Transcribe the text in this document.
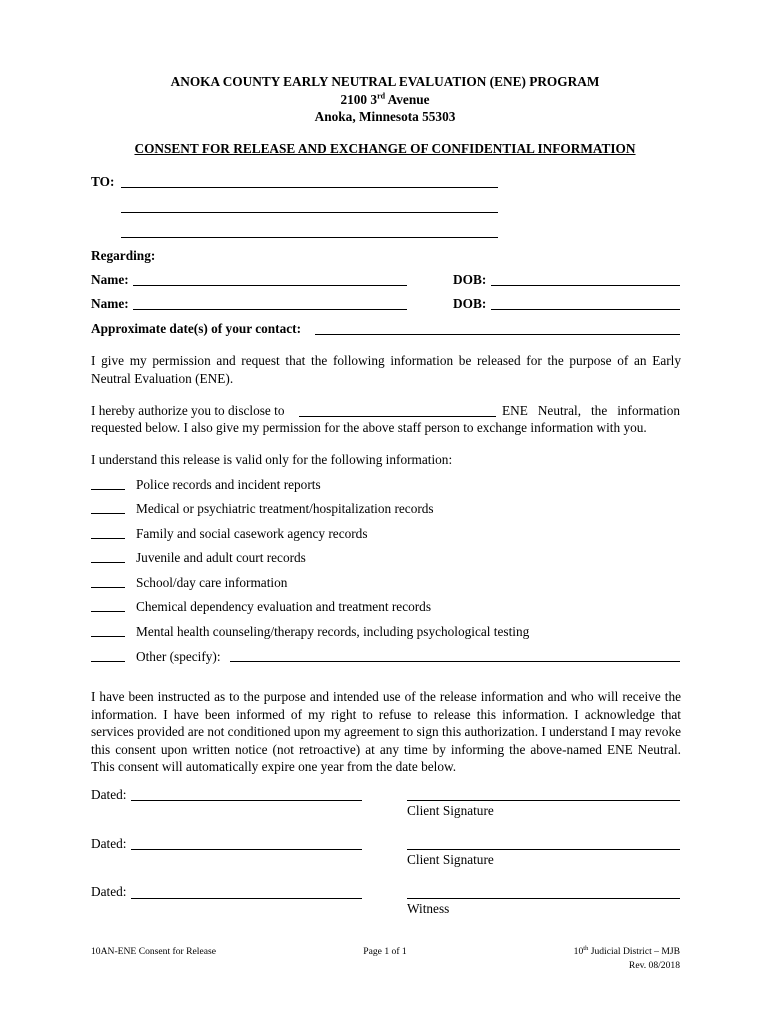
ANOKA COUNTY EARLY NEUTRAL EVALUATION (ENE) PROGRAM
2100 3rd Avenue
Anoka, Minnesota 55303
CONSENT FOR RELEASE AND EXCHANGE OF CONFIDENTIAL INFORMATION
TO:
Regarding:
Name:	DOB:
Name:	DOB:
Approximate date(s) of your contact:
I give my permission and request that the following information be released for the purpose of an Early Neutral Evaluation (ENE).
I hereby authorize you to disclose to	ENE Neutral, the information
requested below. I also give my permission for the above staff person to exchange information with you.
I understand this release is valid only for the following information:
Police records and incident reports
Medical or psychiatric treatment/hospitalization records
Family and social casework agency records
Juvenile and adult court records
School/day care information
Chemical dependency evaluation and treatment records
Mental health counseling/therapy records, including psychological testing
Other (specify):
I have been instructed as to the purpose and intended use of the release information and who will receive the information. I have been informed of my right to refuse to release this information. I acknowledge that services provided are not conditioned upon my agreement to sign this authorization. I understand I may revoke this consent upon written notice (not retroactive) at any time by informing the above-named ENE Neutral. This consent will automatically expire one year from the date below.
Dated:
Client Signature
Dated:
Client Signature
Dated:
Witness
10AN-ENE Consent for Release	Page 1 of 1	10th Judicial District – MJB
Rev. 08/2018
